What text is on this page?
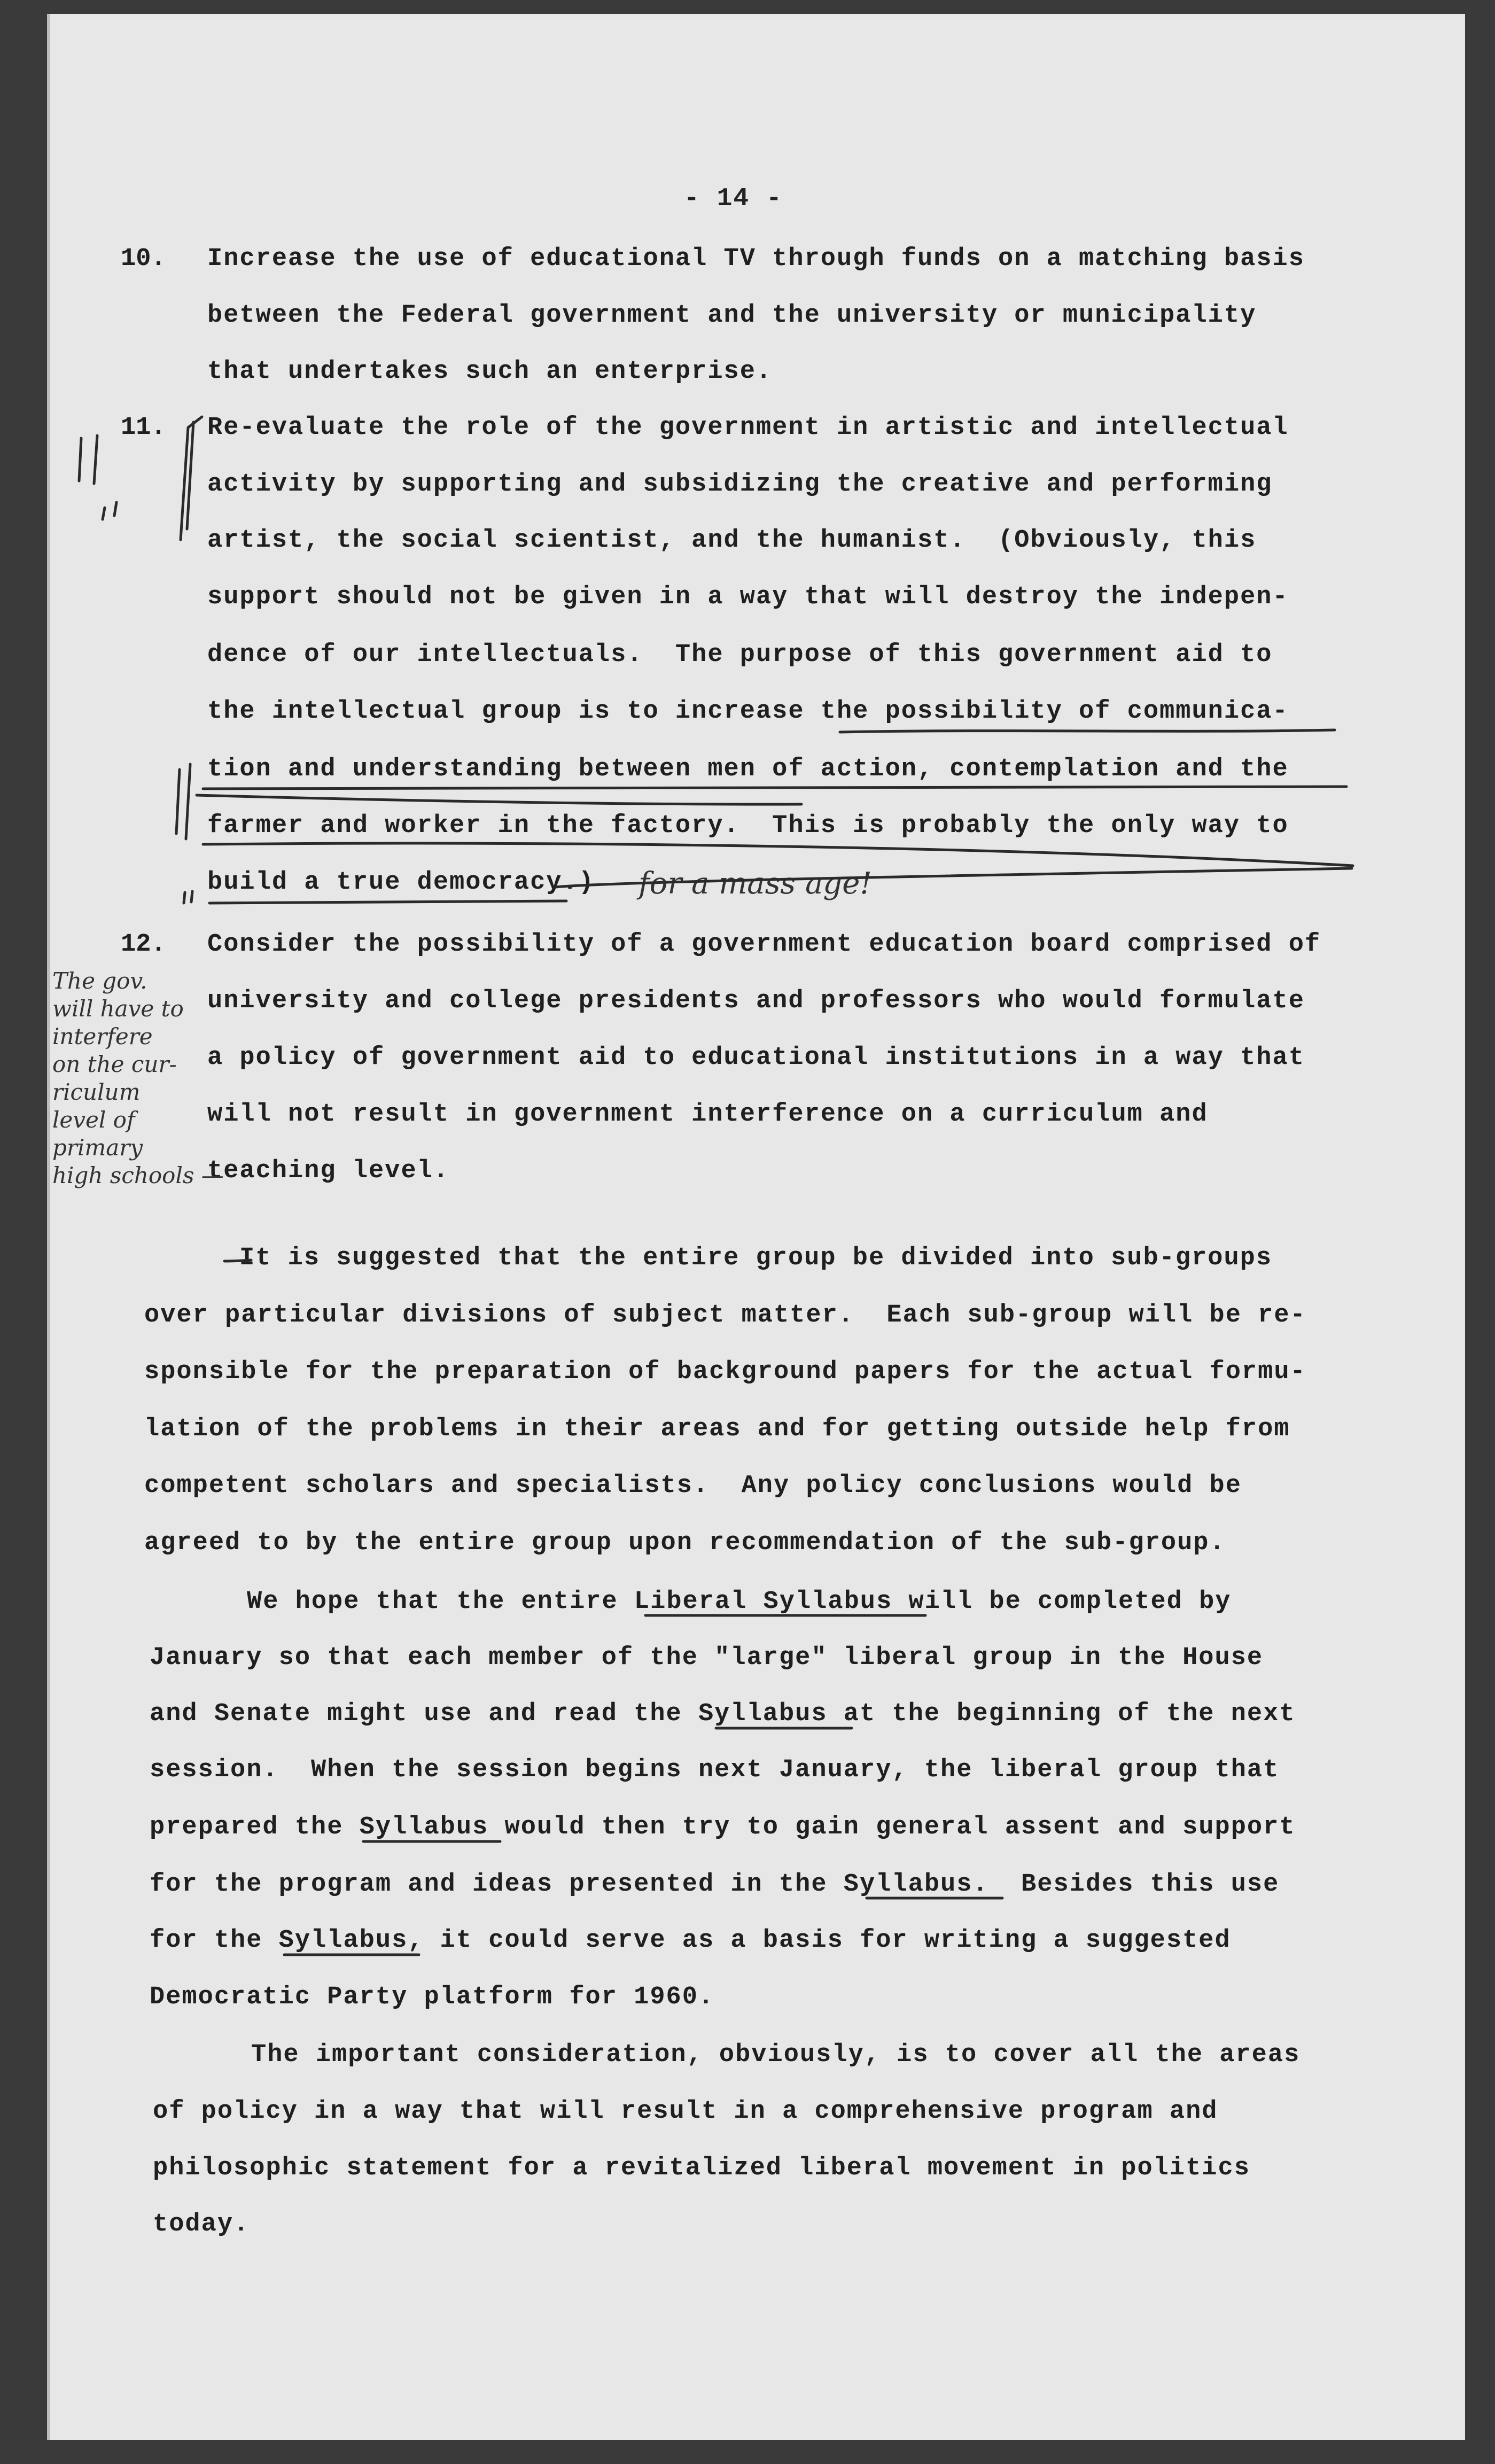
- 14 -
10. Increase the use of educational TV through funds on a matching basis
between the Federal government and the university or municipality
that undertakes such an enterprise.
11. Re-evaluate the role of the government in artistic and intellectual
activity by supporting and subsidizing the creative and performing
artist, the social scientist, and the humanist.  (Obviously, this
support should not be given in a way that will destroy the indepen-
dence of our intellectuals.  The purpose of this government aid to
the intellectual group is to increase the possibility of communica-
tion and understanding between men of action, contemplation and the
farmer and worker in the factory.  This is probably the only way to
build a true democracy.) for a mass age!
12. Consider the possibility of a government education board comprised of
university and college presidents and professors who would formulate
a policy of government aid to educational institutions in a way that
will not result in government interference on a curriculum and
teaching level.
The gov.
will have to
interfere
on the cur-
riculum
level of
primary
high schools —
It is suggested that the entire group be divided into sub-groups
over particular divisions of subject matter.  Each sub-group will be re-
sponsible for the preparation of background papers for the actual formu-
lation of the problems in their areas and for getting outside help from
competent scholars and specialists.  Any policy conclusions would be
agreed to by the entire group upon recommendation of the sub-group.
We hope that the entire Liberal Syllabus will be completed by
January so that each member of the "large" liberal group in the House
and Senate might use and read the Syllabus at the beginning of the next
session.  When the session begins next January, the liberal group that
prepared the Syllabus would then try to gain general assent and support
for the program and ideas presented in the Syllabus.  Besides this use
for the Syllabus, it could serve as a basis for writing a suggested
Democratic Party platform for 1960.
The important consideration, obviously, is to cover all the areas
of policy in a way that will result in a comprehensive program and
philosophic statement for a revitalized liberal movement in politics
today.
